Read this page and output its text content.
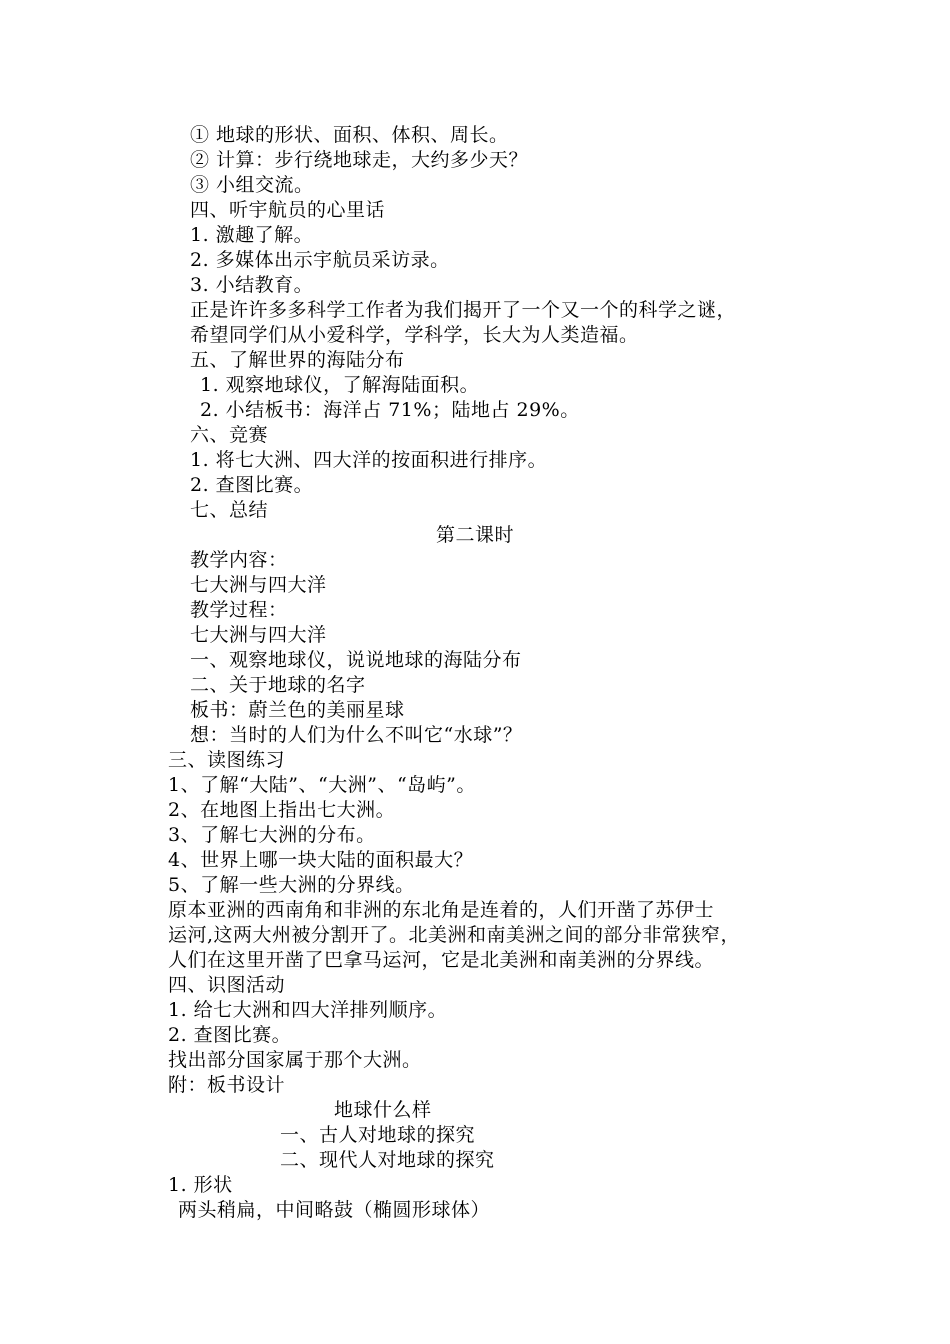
① 地球的形状、面积、体积、周长。
② 计算：步行绕地球走，大约多少天？
③ 小组交流。
四、听宇航员的心里话
1. 激趣了解。
2. 多媒体出示宇航员采访录。
3. 小结教育。
正是许许多多科学工作者为我们揭开了一个又一个的科学之谜，
希望同学们从小爱科学，学科学，长大为人类造福。
五、了解世界的海陆分布
1. 观察地球仪，了解海陆面积。
2. 小结板书：海洋占 71%；陆地占 29%。
六、竞赛
1. 将七大洲、四大洋的按面积进行排序。
2. 查图比赛。
七、总结
第二课时
教学内容：
七大洲与四大洋
教学过程：
七大洲与四大洋
一、观察地球仪，说说地球的海陆分布
二、关于地球的名字
板书：蔚兰色的美丽星球
想：当时的人们为什么不叫它“水球”？
三、读图练习
1、了解“大陆”、“大洲”、“岛屿”。
2、在地图上指出七大洲。
3、了解七大洲的分布。
4、世界上哪一块大陆的面积最大？
5、了解一些大洲的分界线。
原本亚洲的西南角和非洲的东北角是连着的，人们开凿了苏伊士
运河,这两大州被分割开了。北美洲和南美洲之间的部分非常狭窄，
人们在这里开凿了巴拿马运河，它是北美洲和南美洲的分界线。
四、识图活动
1. 给七大洲和四大洋排列顺序。
2. 查图比赛。
找出部分国家属于那个大洲。
附：板书设计
地球什么样
一、古人对地球的探究
二、现代人对地球的探究
1. 形状
两头稍扁，中间略鼓（椭圆形球体）
